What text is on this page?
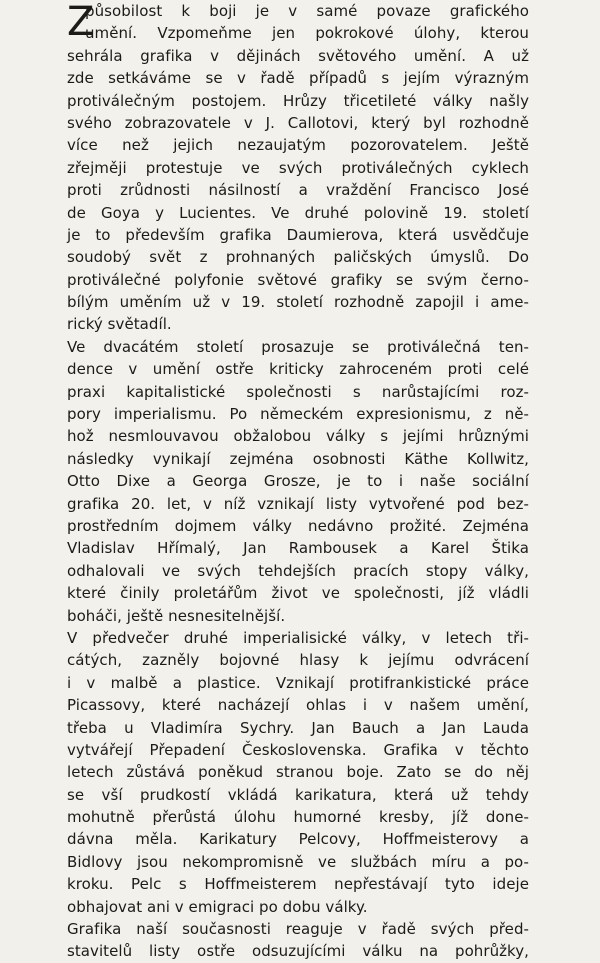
Z
působilost k boji je v samé povaze grafického
umění. Vzpomeňme jen pokrokové úlohy, kterou
sehrála grafika v dějinách světového umění. A už
zde setkáváme se v řadě případů s jejím výrazným
protiválečným postojem. Hrůzy třicetileté války našly
svého zobrazovatele v J. Callotovi, který byl rozhodně
více než jejich nezaujatým pozorovatelem. Ještě
zřejměji protestuje ve svých protiválečných cyklech
proti zrůdnosti násilností a vraždění Francisco José
de Goya y Lucientes. Ve druhé polovině 19. století
je to především grafika Daumierova, která usvědčuje
soudobý svět z prohnaných paličských úmyslů. Do
protiválečné polyfonie světové grafiky se svým černo-
bílým uměním už v 19. století rozhodně zapojil i ame-
rický světadíl.
Ve dvacátém století prosazuje se protiválečná ten-
dence v umění ostře kriticky zahroceném proti celé
praxi kapitalistické společnosti s narůstajícími roz-
pory imperialismu. Po německém expresionismu, z ně-
hož nesmlouvavou obžalobou války s jejími hrůznými
následky vynikají zejména osobnosti Käthe Kollwitz,
Otto Dixe a Georga Grosze, je to i naše sociální
grafika 20. let, v níž vznikají listy vytvořené pod bez-
prostředním dojmem války nedávno prožité. Zejména
Vladislav Hřímalý, Jan Rambousek a Karel Štika
odhalovali ve svých tehdejších pracích stopy války,
které činily proletářům život ve společnosti, jíž vládli
boháči, ještě nesnesitelnější.
V předvečer druhé imperialisické války, v letech tři-
cátých, zazněly bojovné hlasy k jejímu odvrácení
i v malbě a plastice. Vznikají protifrankistické práce
Picassovy, které nacházejí ohlas i v našem umění,
třeba u Vladimíra Sychry. Jan Bauch a Jan Lauda
vytvářejí Přepadení Československa. Grafika v těchto
letech zůstává poněkud stranou boje. Zato se do něj
se vší prudkostí vkládá karikatura, která už tehdy
mohutně přerůstá úlohu humorné kresby, jíž done-
dávna měla. Karikatury Pelcovy, Hoffmeisterovy a
Bidlovy jsou nekompromisně ve službách míru a po-
kroku. Pelc s Hoffmeisterem nepřestávají tyto ideje
obhajovat ani v emigraci po dobu války.
Grafika naší současnosti reaguje v řadě svých před-
stavitelů listy ostře odsuzujícími válku na pohrůžky,
